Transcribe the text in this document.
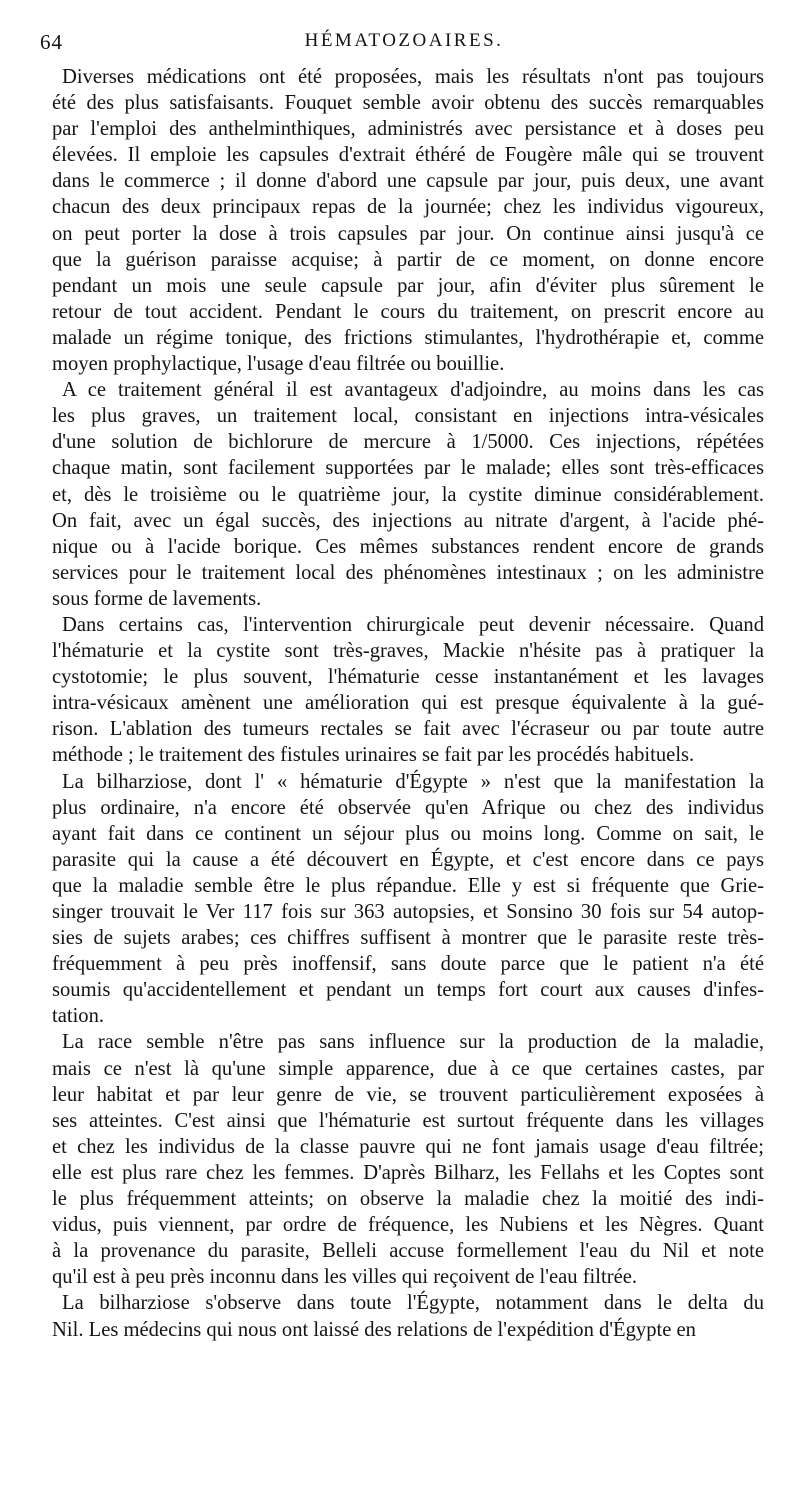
64	HÉMATOZOAIRES.
Diverses médications ont été proposées, mais les résultats n'ont pas toujours
été des plus satisfaisants. Fouquet semble avoir obtenu des succès remarquables
par l'emploi des anthelminthiques, administrés avec persistance et à doses peu
élevées. Il emploie les capsules d'extrait éthéré de Fougère mâle qui se trouvent
dans le commerce ; il donne d'abord une capsule par jour, puis deux, une avant
chacun des deux principaux repas de la journée; chez les individus vigoureux,
on peut porter la dose à trois capsules par jour. On continue ainsi jusqu'à ce
que la guérison paraisse acquise; à partir de ce moment, on donne encore
pendant un mois une seule capsule par jour, afin d'éviter plus sûrement le
retour de tout accident. Pendant le cours du traitement, on prescrit encore au
malade un régime tonique, des frictions stimulantes, l'hydrothérapie et, comme
moyen prophylactique, l'usage d'eau filtrée ou bouillie.
A ce traitement général il est avantageux d'adjoindre, au moins dans les cas
les plus graves, un traitement local, consistant en injections intra-vésicales
d'une solution de bichlorure de mercure à 1/5000. Ces injections, répétées
chaque matin, sont facilement supportées par le malade; elles sont très-efficaces
et, dès le troisième ou le quatrième jour, la cystite diminue considérablement.
On fait, avec un égal succès, des injections au nitrate d'argent, à l'acide phé-
nique ou à l'acide borique. Ces mêmes substances rendent encore de grands
services pour le traitement local des phénomènes intestinaux ; on les administre
sous forme de lavements.
Dans certains cas, l'intervention chirurgicale peut devenir nécessaire. Quand
l'hématurie et la cystite sont très-graves, Mackie n'hésite pas à pratiquer la
cystotomie; le plus souvent, l'hématurie cesse instantanément et les lavages
intra-vésicaux amènent une amélioration qui est presque équivalente à la gué-
rison. L'ablation des tumeurs rectales se fait avec l'écraseur ou par toute autre
méthode ; le traitement des fistules urinaires se fait par les procédés habituels.
La bilharziose, dont l' « hématurie d'Égypte » n'est que la manifestation la
plus ordinaire, n'a encore été observée qu'en Afrique ou chez des individus
ayant fait dans ce continent un séjour plus ou moins long. Comme on sait, le
parasite qui la cause a été découvert en Égypte, et c'est encore dans ce pays
que la maladie semble être le plus répandue. Elle y est si fréquente que Grie-
singer trouvait le Ver 117 fois sur 363 autopsies, et Sonsino 30 fois sur 54 autop-
sies de sujets arabes; ces chiffres suffisent à montrer que le parasite reste très-
fréquemment à peu près inoffensif, sans doute parce que le patient n'a été
soumis qu'accidentellement et pendant un temps fort court aux causes d'infes-
tation.
La race semble n'être pas sans influence sur la production de la maladie,
mais ce n'est là qu'une simple apparence, due à ce que certaines castes, par
leur habitat et par leur genre de vie, se trouvent particulièrement exposées à
ses atteintes. C'est ainsi que l'hématurie est surtout fréquente dans les villages
et chez les individus de la classe pauvre qui ne font jamais usage d'eau filtrée;
elle est plus rare chez les femmes. D'après Bilharz, les Fellahs et les Coptes sont
le plus fréquemment atteints; on observe la maladie chez la moitié des indi-
vidus, puis viennent, par ordre de fréquence, les Nubiens et les Nègres. Quant
à la provenance du parasite, Belleli accuse formellement l'eau du Nil et note
qu'il est à peu près inconnu dans les villes qui reçoivent de l'eau filtrée.
La bilharziose s'observe dans toute l'Égypte, notamment dans le delta du
Nil. Les médecins qui nous ont laissé des relations de l'expédition d'Égypte en
